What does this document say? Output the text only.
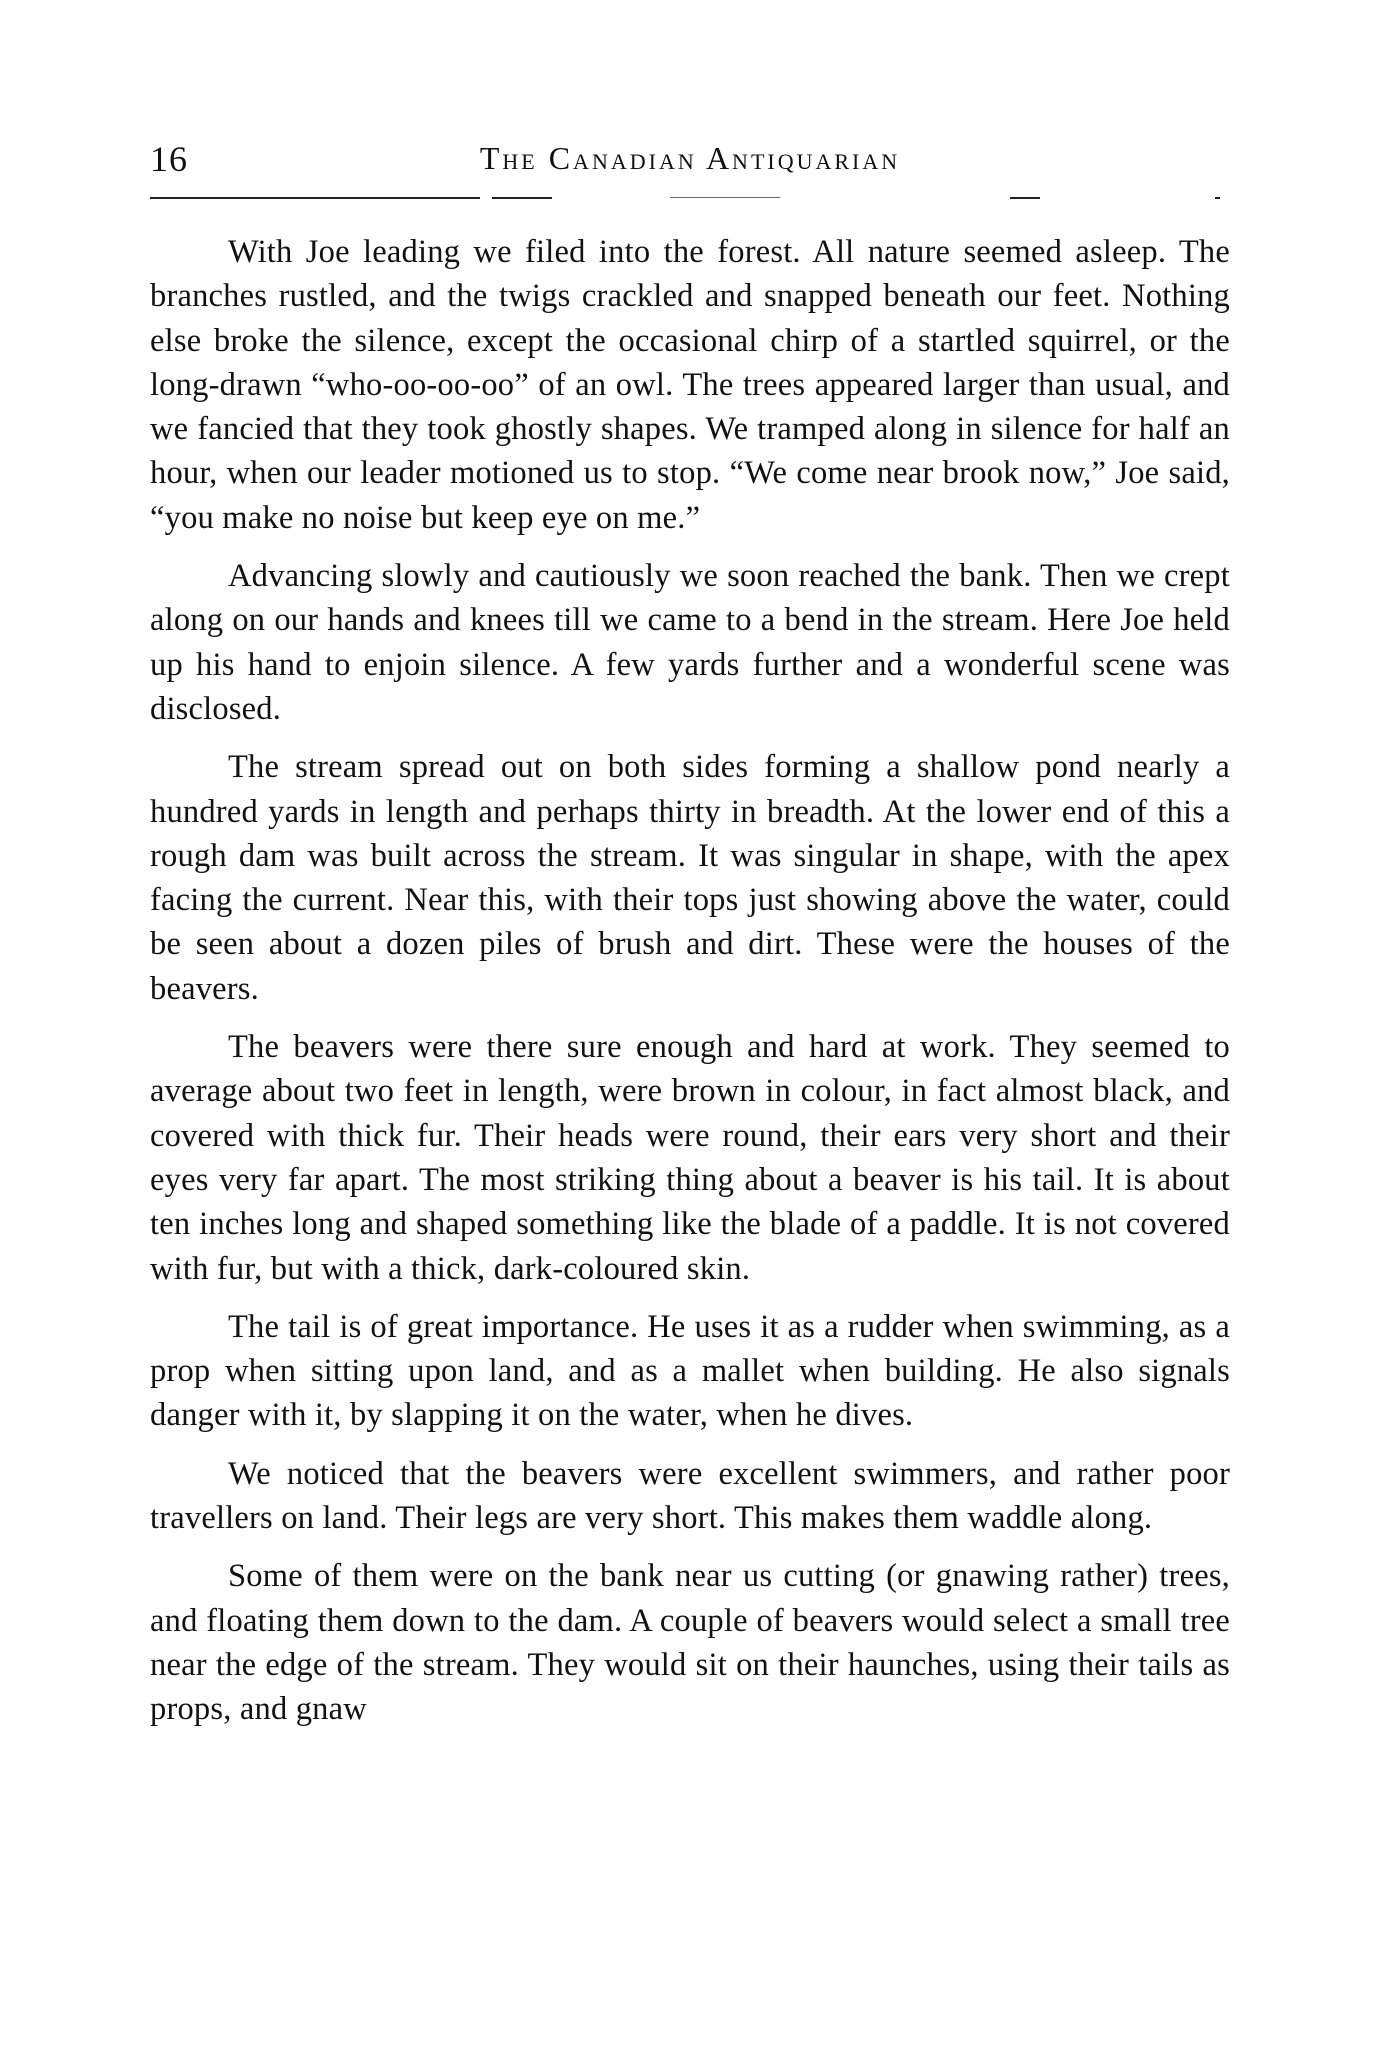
16	The Canadian Antiquarian

With Joe leading we filed into the forest. All nature seemed asleep. The branches rustled, and the twigs crackled and snapped beneath our feet. Nothing else broke the silence, except the occasional chirp of a startled squirrel, or the long-drawn “who-oo-oo-oo” of an owl. The trees appeared larger than usual, and we fancied that they took ghostly shapes. We tramped along in silence for half an hour, when our leader motioned us to stop. “We come near brook now,” Joe said, “you make no noise but keep eye on me.”

Advancing slowly and cautiously we soon reached the bank. Then we crept along on our hands and knees till we came to a bend in the stream. Here Joe held up his hand to enjoin silence. A few yards further and a wonderful scene was disclosed.

The stream spread out on both sides forming a shallow pond nearly a hundred yards in length and perhaps thirty in breadth. At the lower end of this a rough dam was built across the stream. It was singular in shape, with the apex facing the current. Near this, with their tops just showing above the water, could be seen about a dozen piles of brush and dirt. These were the houses of the beavers.

The beavers were there sure enough and hard at work. They seemed to average about two feet in length, were brown in colour, in fact almost black, and covered with thick fur. Their heads were round, their ears very short and their eyes very far apart. The most striking thing about a beaver is his tail. It is about ten inches long and shaped something like the blade of a paddle. It is not covered with fur, but with a thick, dark-coloured skin.

The tail is of great importance. He uses it as a rudder when swimming, as a prop when sitting upon land, and as a mallet when building. He also signals danger with it, by slapping it on the water, when he dives.

We noticed that the beavers were excellent swimmers, and rather poor travellers on land. Their legs are very short. This makes them waddle along.

Some of them were on the bank near us cutting (or gnawing rather) trees, and floating them down to the dam. A couple of beavers would select a small tree near the edge of the stream. They would sit on their haunches, using their tails as props, and gnaw
